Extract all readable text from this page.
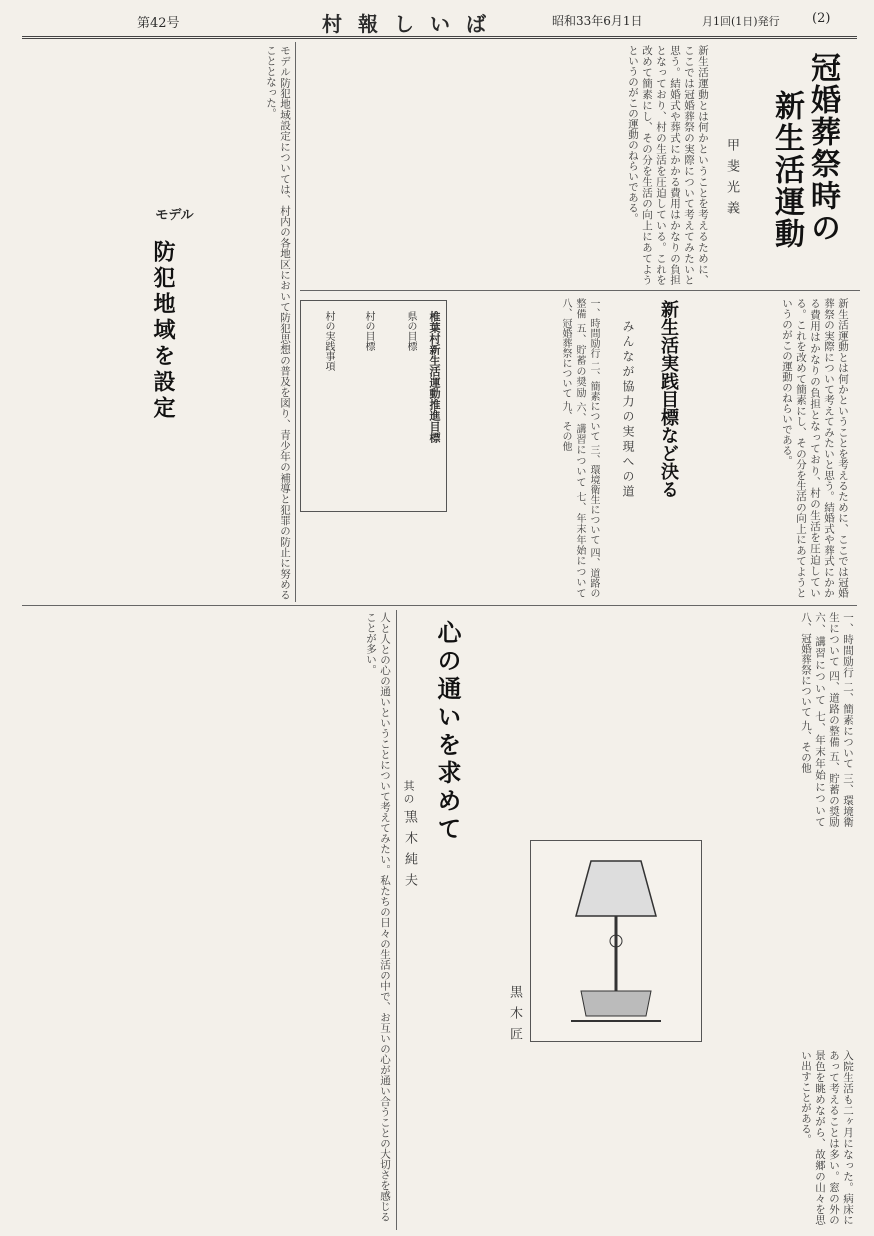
第42号	村報しいば	昭和33年6月1日	月1回(1日)発行 (2)
冠婚葬祭時の
新生活運動
甲斐光義
新生活運動とは何かということを考えるために、ここでは冠婚葬祭の実際について考えてみたいと思う。結婚式や葬式にかかる費用はかなりの負担となっており、村の生活を圧迫している。これを改めて簡素にし、その分を生活の向上にあてようというのがこの運動のねらいである。
新生活運動とは何かということを考えるために、ここでは冠婚葬祭の実際について考えてみたいと思う。結婚式や葬式にかかる費用はかなりの負担となっており、村の生活を圧迫している。これを改めて簡素にし、その分を生活の向上にあてようというのがこの運動のねらいである。
新生活実践目標など決る
みんなが協力の実現への道
一、時間励行 二、簡素について 三、環境衛生について 四、道路の整備 五、貯蓄の奨励 六、講習について 七、年末年始について 八、冠婚葬祭について 九、その他
椎葉村新生活運動推進目標
県の目標
村の目標
村の実践事項
モデル防犯地域設定については、村内の各地区において防犯思想の普及を図り、青少年の補導と犯罪の防止に努めることとなった。
モデル
防犯地域を設定
心の通いを求めて
其の一
黒木純夫
人と人との心の通いということについて考えてみたい。私たちの日々の生活の中で、お互いの心が通い合うことの大切さを感じることが多い。	一、時間励行 二、簡素について 三、環境衛生について 四、道路の整備 五、貯蓄の奨励 六、講習について 七、年末年始について 八、冠婚葬祭について 九、その他
黒木匠
入院生活も二ヶ月になった。病床にあって考えることは多い。窓の外の景色を眺めながら、故郷の山々を思い出すことがある。
